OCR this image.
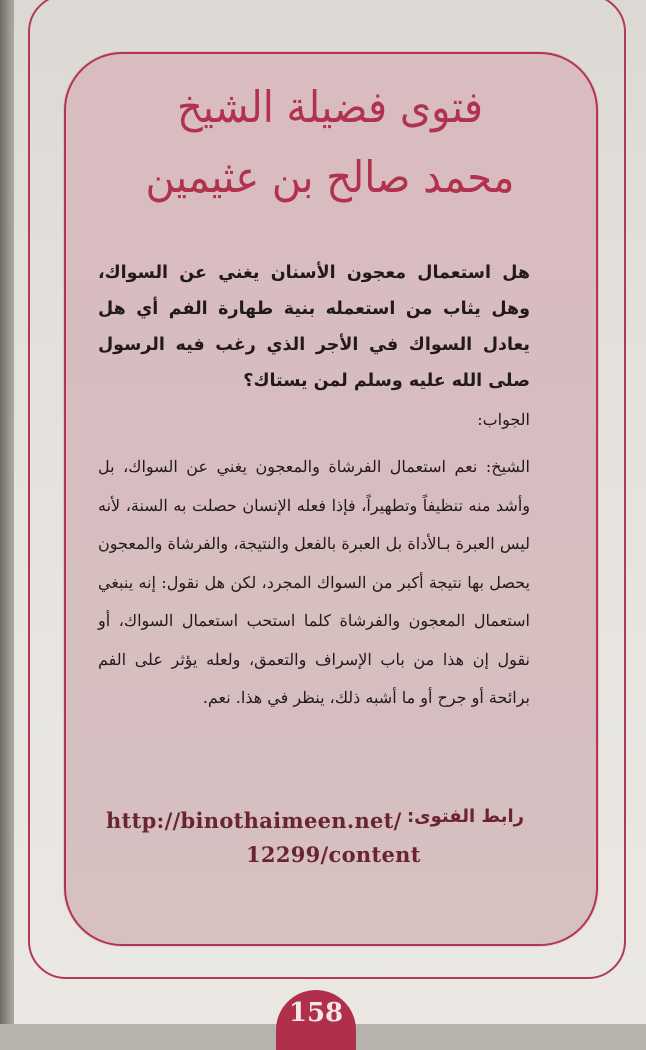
فتوى فضيلة الشيخ
محمد صالح بن عثيمين
هل استعمال معجون الأسنان يغني عن السواك، وهل يثاب من استعمله بنية طهارة الفم أي هل يعادل السواك في الأجر الذي رغب فيه الرسول صلى الله عليه وسلم لمن يستاك؟
الجواب:
الشيخ: نعم استعمال الفرشاة والمعجون يغني عن السواك، بل وأشد منه تنظيفاً وتطهيراً، فإذا فعله الإنسان حصلت به السنة، لأنه ليس العبرة بـالأداة بل العبرة بالفعل والنتيجة، والفرشاة والمعجون يحصل بها نتيجة أكبر من السواك المجرد، لكن هل نقول: إنه ينبغي استعمال المعجون والفرشاة كلما استحب استعمال السواك، أو نقول إن هذا من باب الإسراف والتعمق، ولعله يؤثر على الفم برائحة أو جرح أو ما أشبه ذلك، ينظر في هذا. نعم.
رابط الفتوى:
http://binothaimeen.net/
12299/content
158
